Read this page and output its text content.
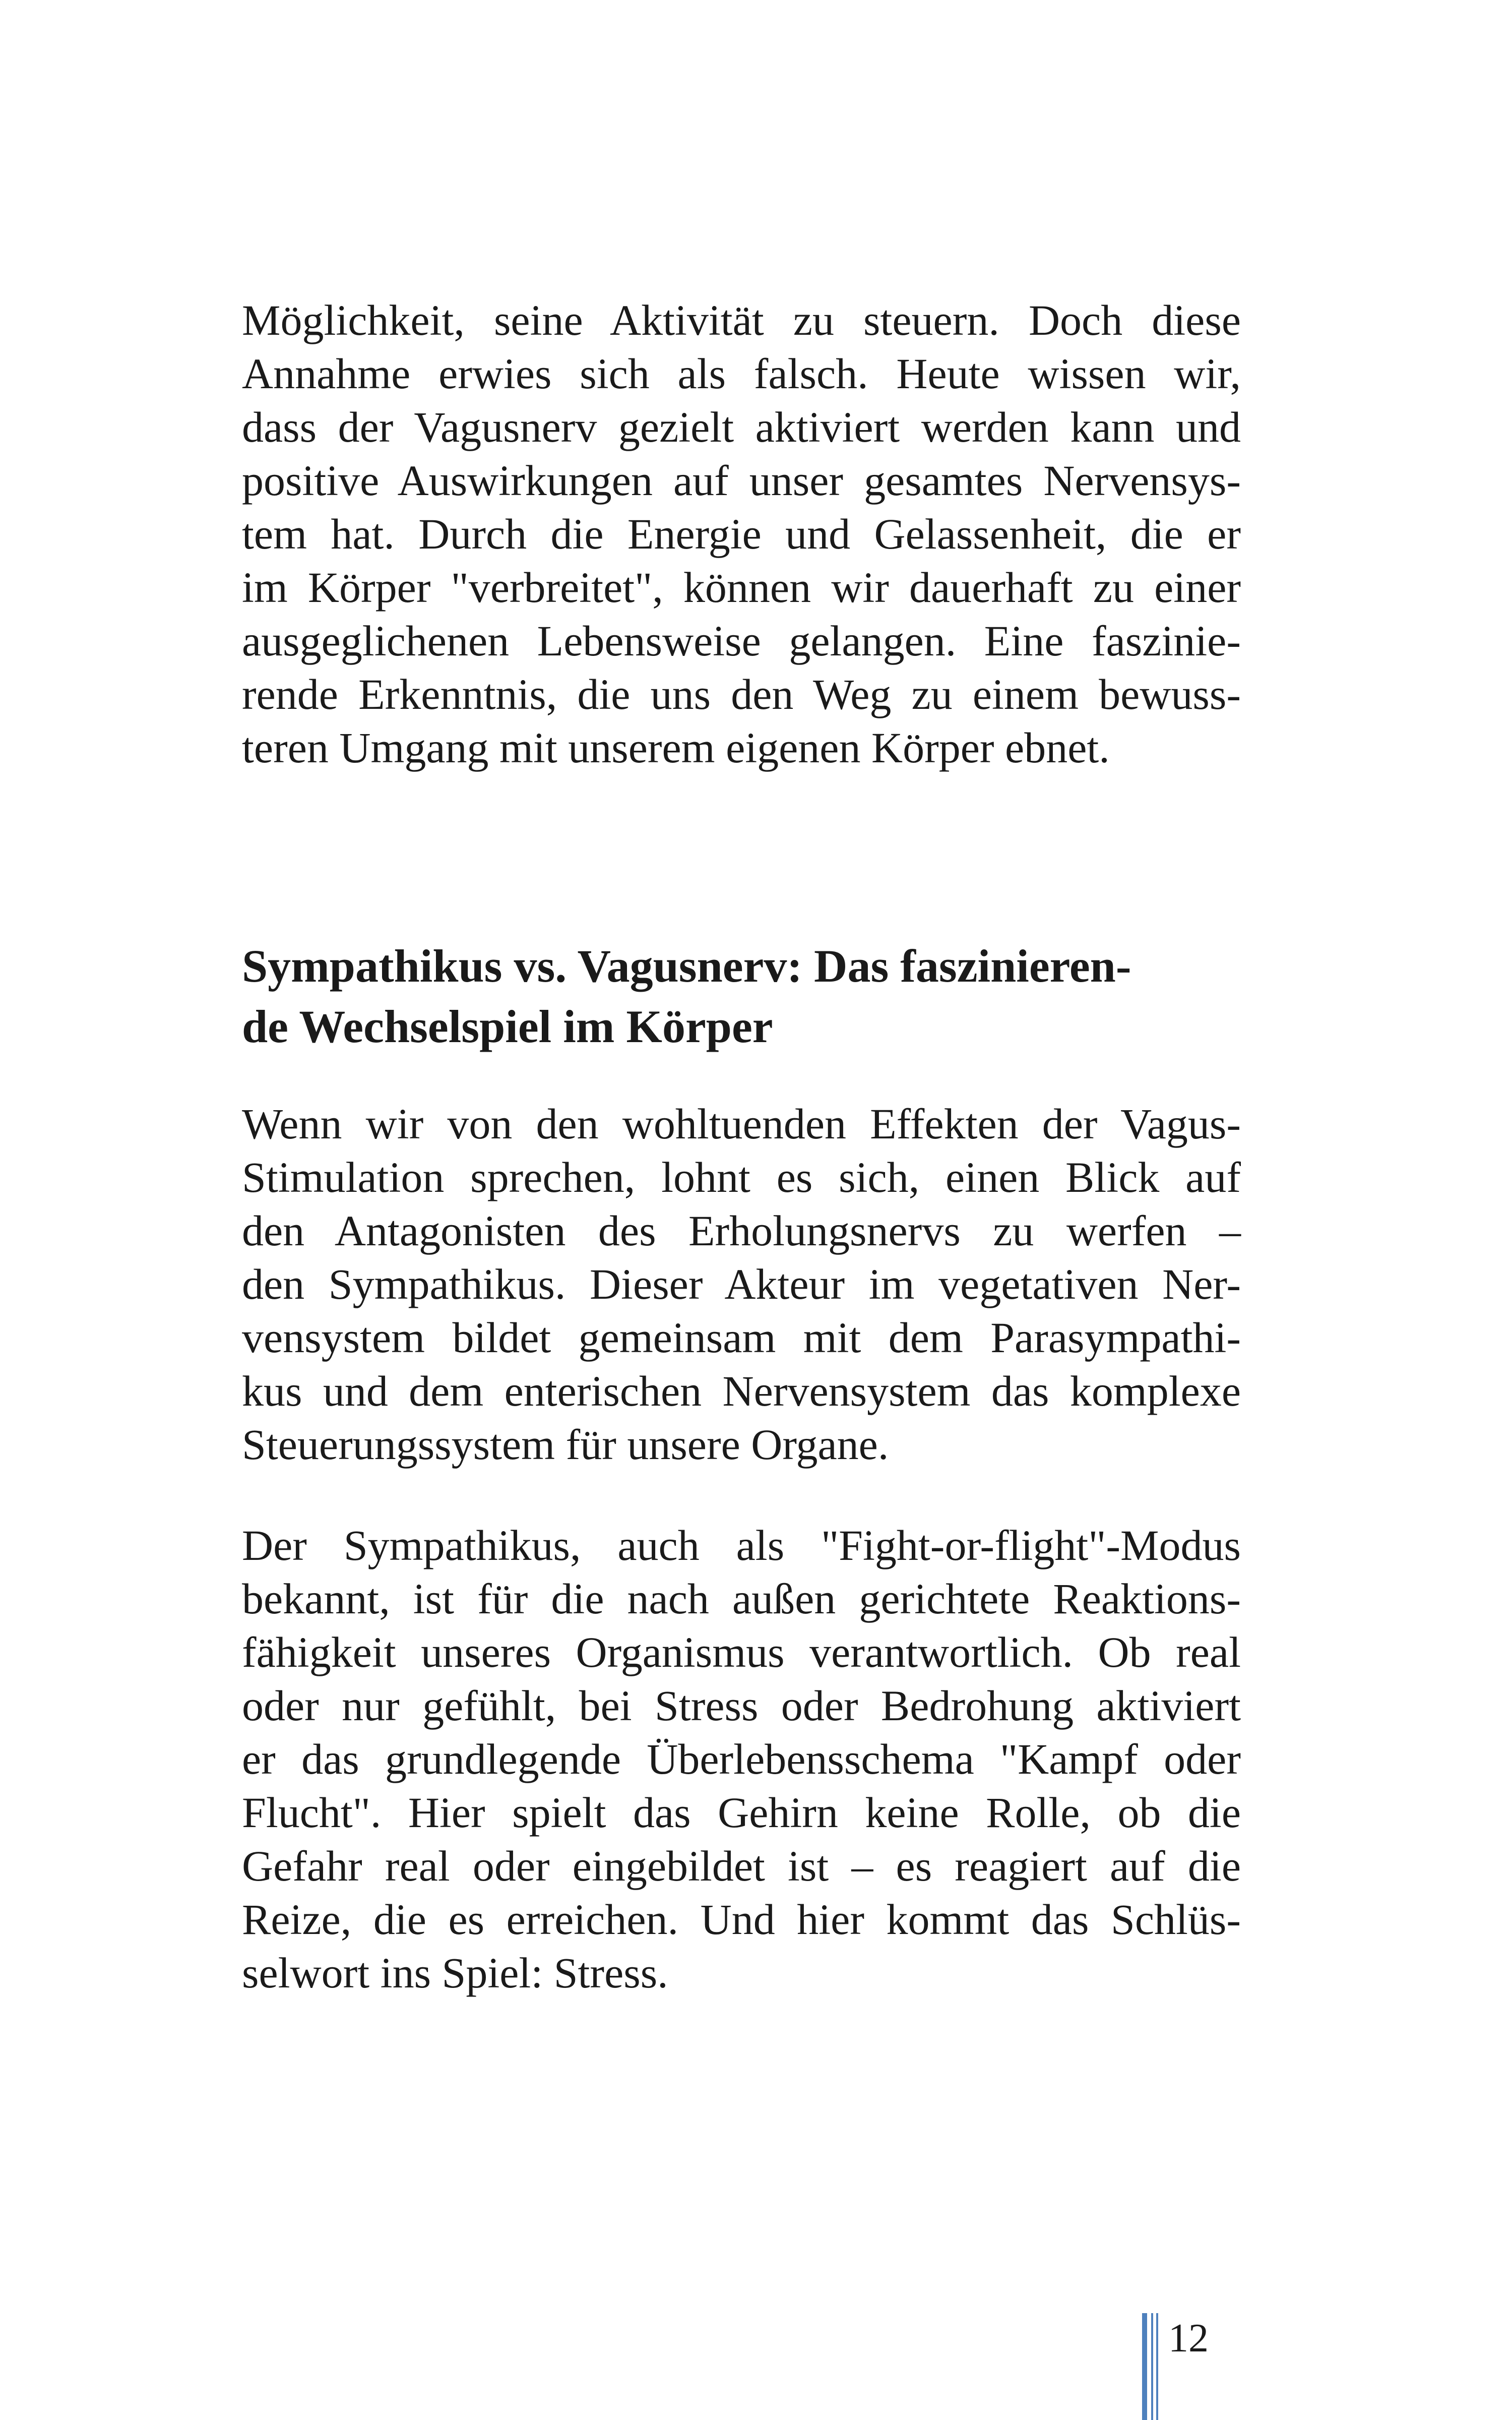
Möglichkeit, seine Aktivität zu steuern. Doch diese
Annahme erwies sich als falsch. Heute wissen wir,
dass der Vagusnerv gezielt aktiviert werden kann und
positive Auswirkungen auf unser gesamtes Nervensys-
tem hat. Durch die Energie und Gelassenheit, die er
im Körper "verbreitet", können wir dauerhaft zu einer
ausgeglichenen Lebensweise gelangen. Eine faszinie-
rende Erkenntnis, die uns den Weg zu einem bewuss-
teren Umgang mit unserem eigenen Körper ebnet.
Sympathikus vs. Vagusnerv: Das faszinieren-
de Wechselspiel im Körper
Wenn wir von den wohltuenden Effekten der Vagus-
Stimulation sprechen, lohnt es sich, einen Blick auf
den Antagonisten des Erholungsnervs zu werfen –
den Sympathikus. Dieser Akteur im vegetativen Ner-
vensystem bildet gemeinsam mit dem Parasympathi-
kus und dem enterischen Nervensystem das komplexe
Steuerungssystem für unsere Organe.
Der Sympathikus, auch als "Fight-or-flight"-Modus
bekannt, ist für die nach außen gerichtete Reaktions-
fähigkeit unseres Organismus verantwortlich. Ob real
oder nur gefühlt, bei Stress oder Bedrohung aktiviert
er das grundlegende Überlebensschema "Kampf oder
Flucht". Hier spielt das Gehirn keine Rolle, ob die
Gefahr real oder eingebildet ist – es reagiert auf die
Reize, die es erreichen. Und hier kommt das Schlüs-
selwort ins Spiel: Stress.
12
